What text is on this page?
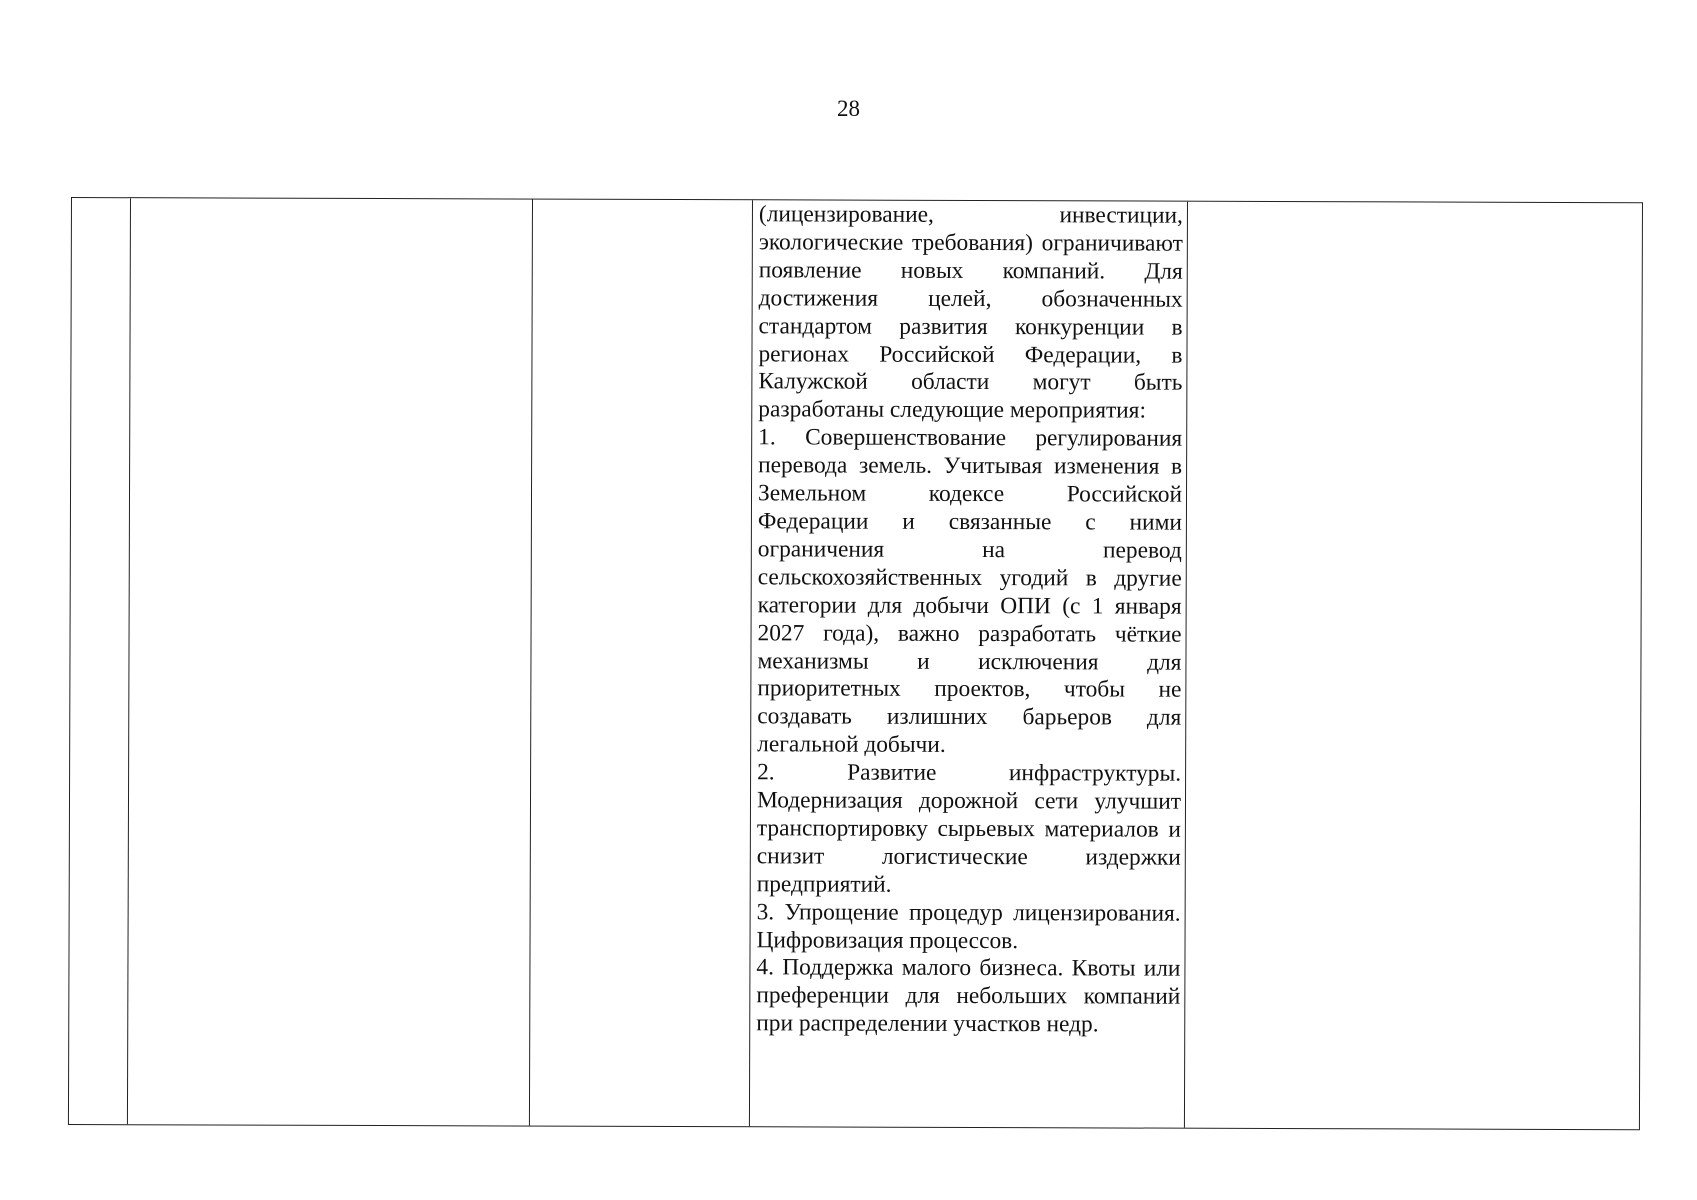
28

(лицензирование, инвестиции, экологические требования) ограничивают появление новых компаний. Для достижения целей, обозначенных стандартом развития конкуренции в регионах Российской Федерации, в Калужской области могут быть разработаны следующие мероприятия:

1. Совершенствование регулирования перевода земель. Учитывая изменения в Земельном кодексе Российской Федерации и связанные с ними ограничения на перевод сельскохозяйственных угодий в другие категории для добычи ОПИ (с 1 января 2027 года), важно разработать чёткие механизмы и исключения для приоритетных проектов, чтобы не создавать излишних барьеров для легальной добычи.

2. Развитие инфраструктуры. Модернизация дорожной сети улучшит транспортировку сырьевых материалов и снизит логистические издержки предприятий.

3. Упрощение процедур лицензирования. Цифровизация процессов.

4. Поддержка малого бизнеса. Квоты или преференции для небольших компаний при распределении участков недр.
